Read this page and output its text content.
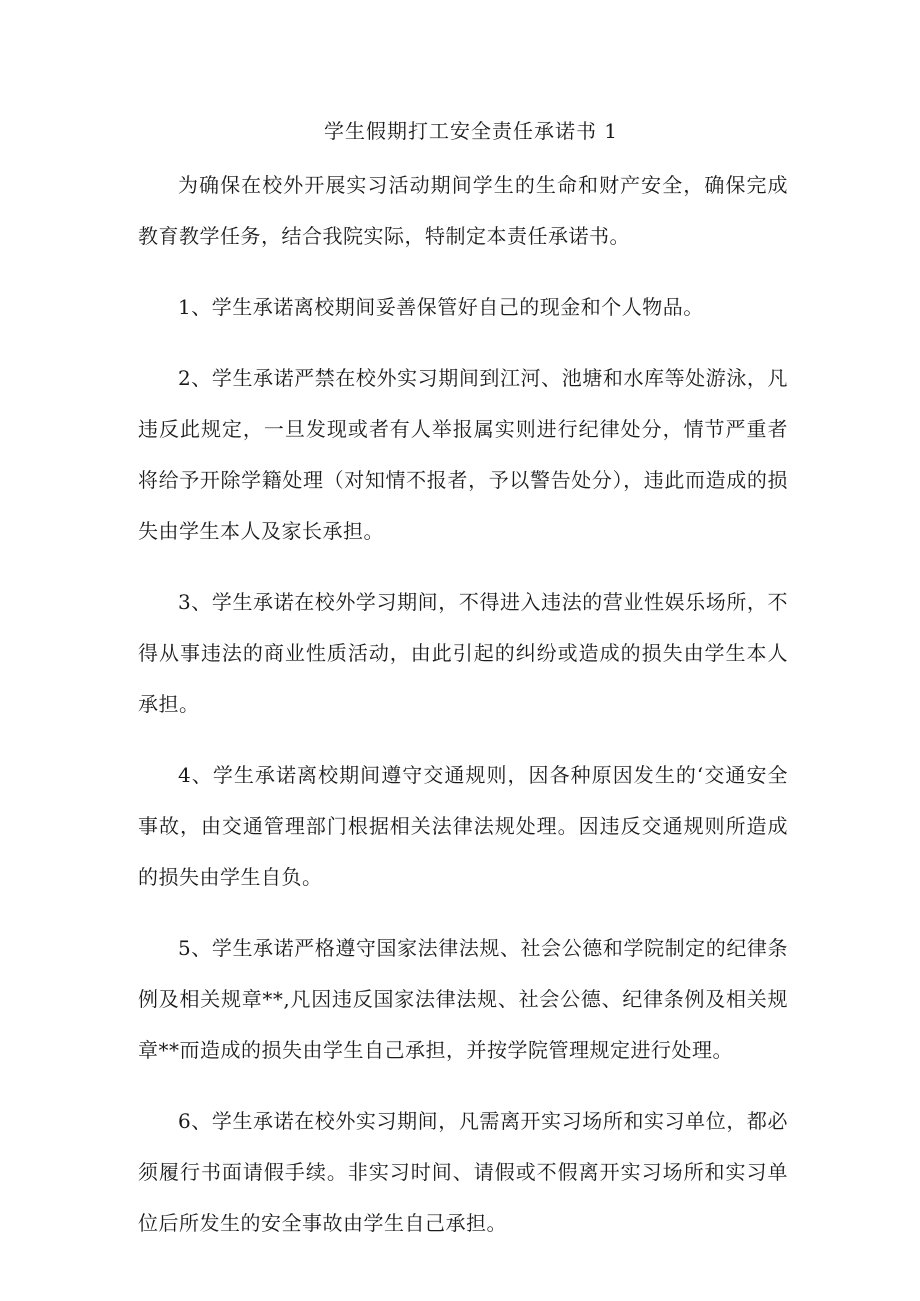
学生假期打工安全责任承诺书 1

为确保在校外开展实习活动期间学生的生命和财产安全，确保完成教育教学任务，结合我院实际，特制定本责任承诺书。

1、学生承诺离校期间妥善保管好自己的现金和个人物品。

2、学生承诺严禁在校外实习期间到江河、池塘和水库等处游泳，凡违反此规定，一旦发现或者有人举报属实则进行纪律处分，情节严重者将给予开除学籍处理（对知情不报者，予以警告处分），违此而造成的损失由学生本人及家长承担。

3、学生承诺在校外学习期间，不得进入违法的营业性娱乐场所，不得从事违法的商业性质活动，由此引起的纠纷或造成的损失由学生本人承担。

4、学生承诺离校期间遵守交通规则，因各种原因发生的‘交通安全事故，由交通管理部门根据相关法律法规处理。因违反交通规则所造成的损失由学生自负。

5、学生承诺严格遵守国家法律法规、社会公德和学院制定的纪律条例及相关规章**,凡因违反国家法律法规、社会公德、纪律条例及相关规章**而造成的损失由学生自己承担，并按学院管理规定进行处理。

6、学生承诺在校外实习期间，凡需离开实习场所和实习单位，都必须履行书面请假手续。非实习时间、请假或不假离开实习场所和实习单位后所发生的安全事故由学生自己承担。
